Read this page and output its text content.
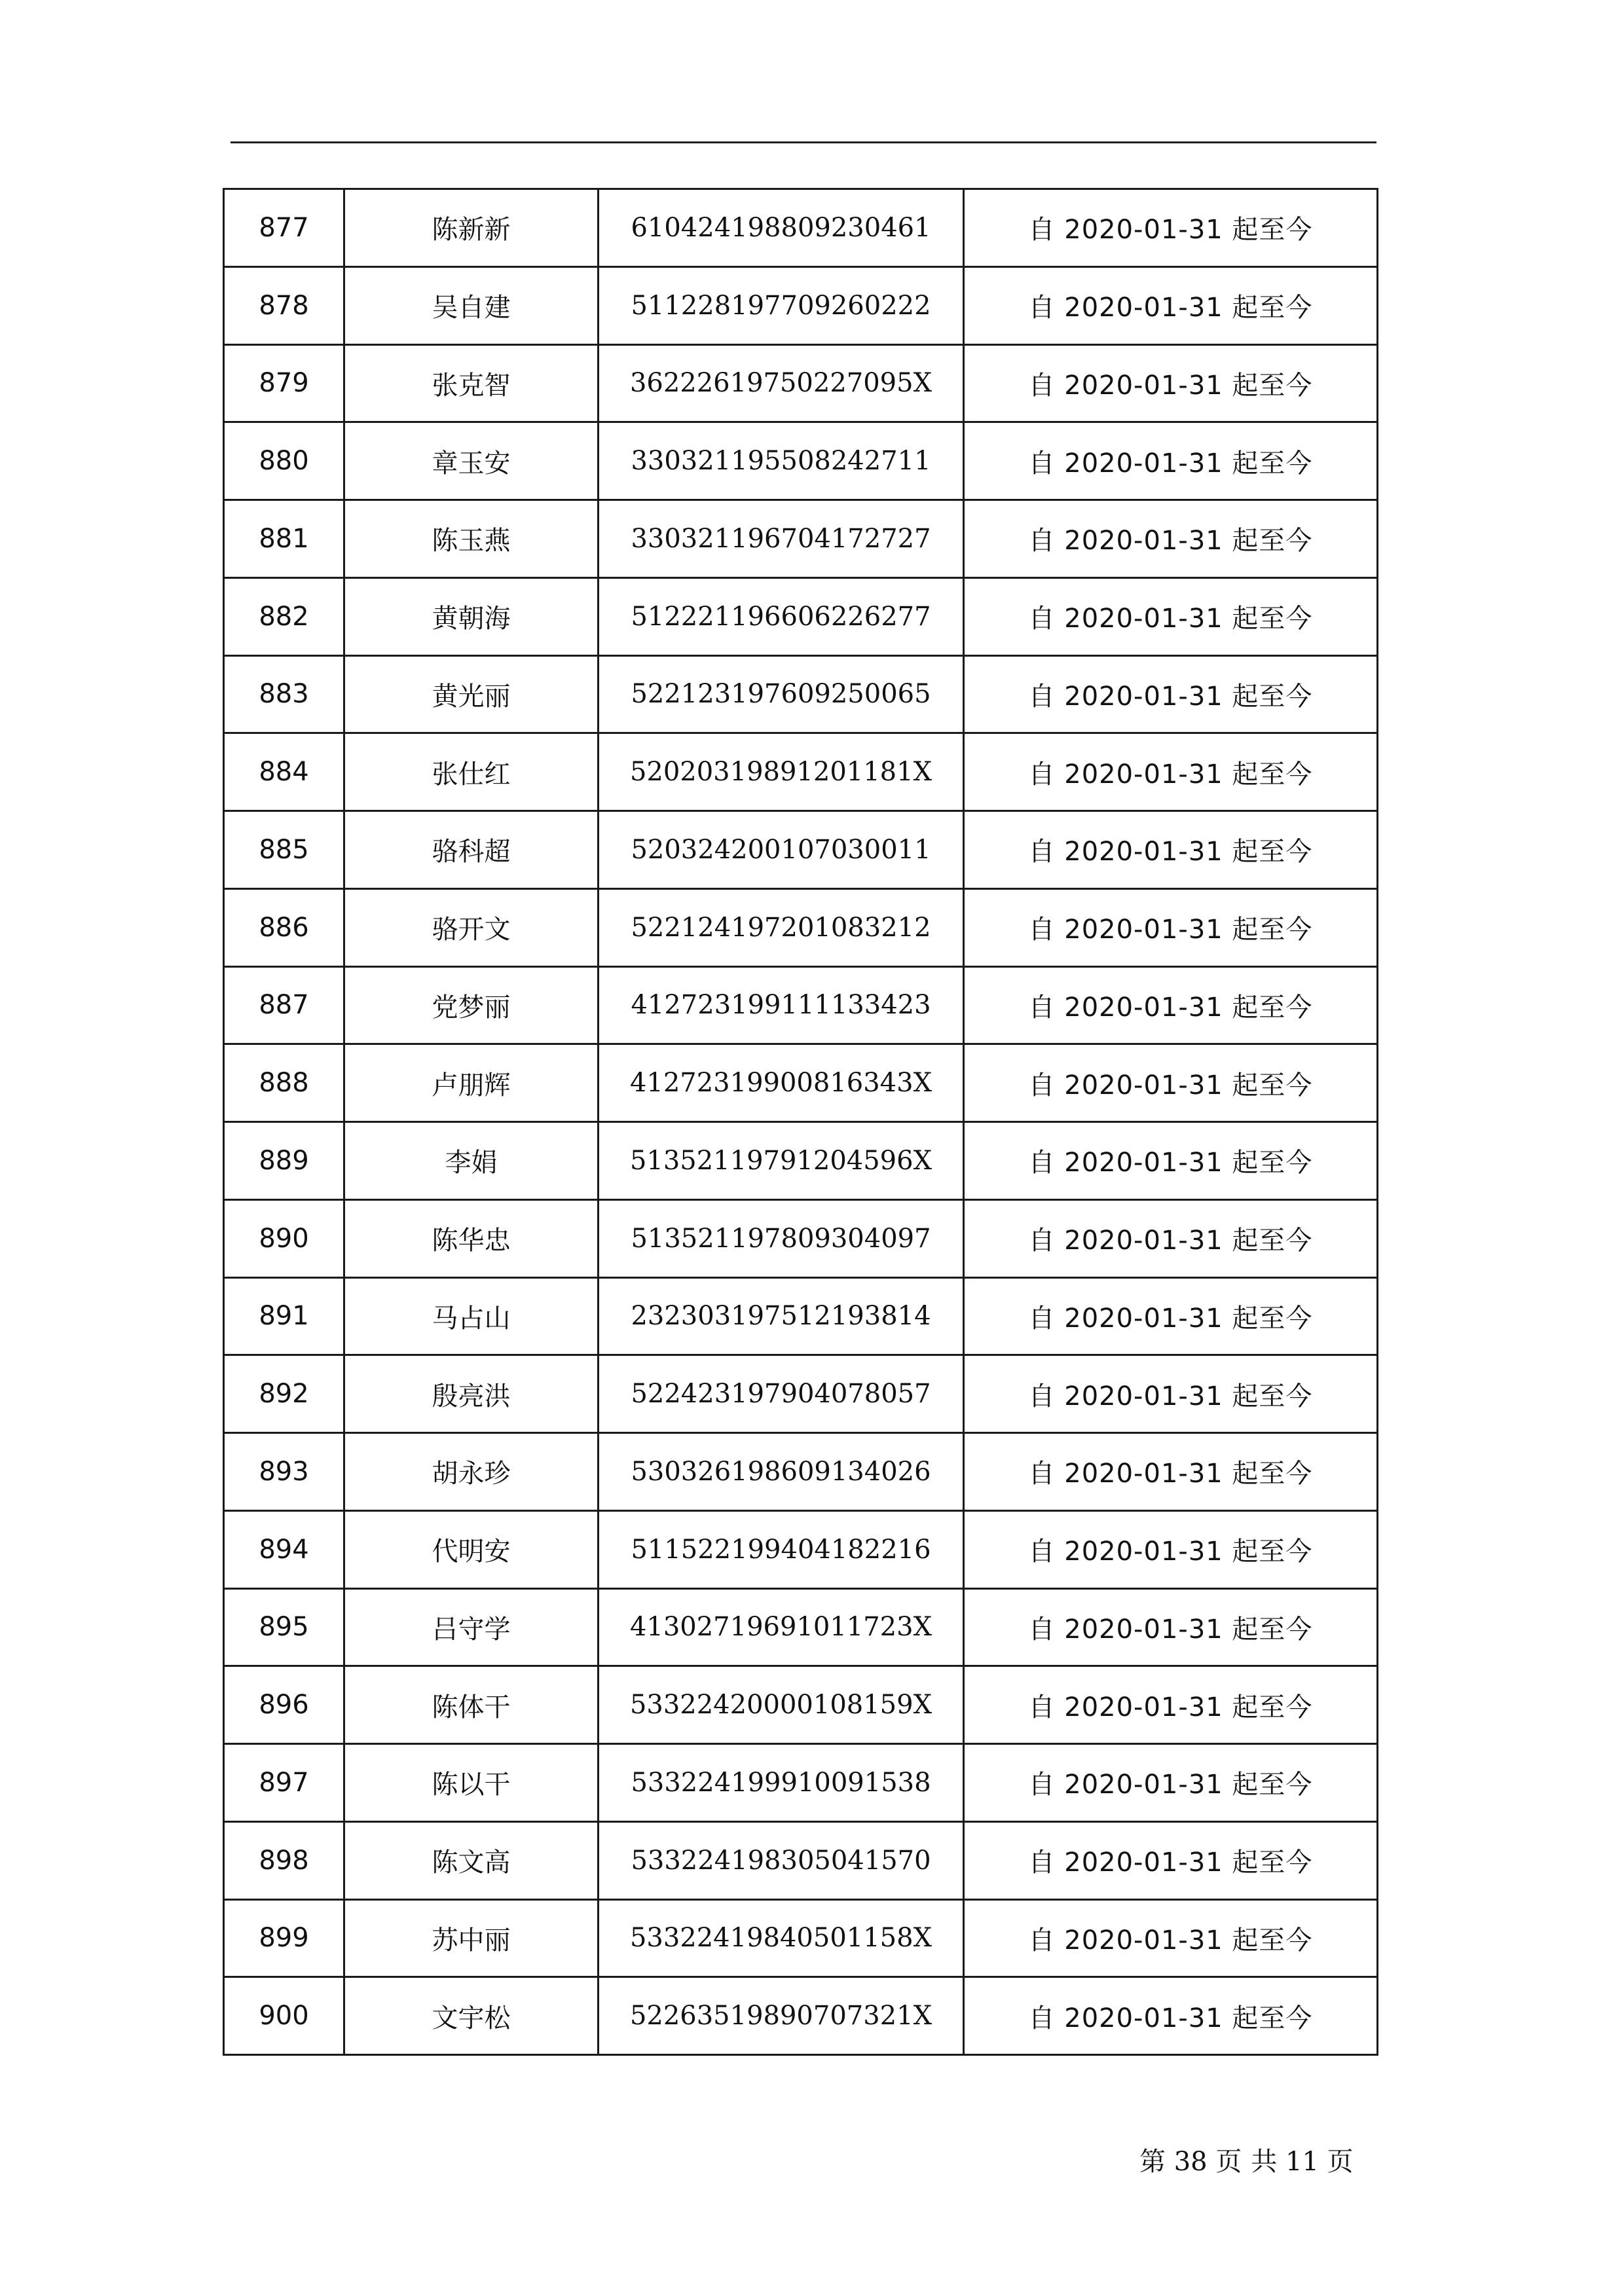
877	陈新新	610424198809230461	自 2020-01-31 起至今
878	吴自建	511228197709260222	自 2020-01-31 起至今
879	张克智	36222619750227095X	自 2020-01-31 起至今
880	章玉安	330321195508242711	自 2020-01-31 起至今
881	陈玉燕	330321196704172727	自 2020-01-31 起至今
882	黄朝海	512221196606226277	自 2020-01-31 起至今
883	黄光丽	522123197609250065	自 2020-01-31 起至今
884	张仕红	52020319891201181X	自 2020-01-31 起至今
885	骆科超	520324200107030011	自 2020-01-31 起至今
886	骆开文	522124197201083212	自 2020-01-31 起至今
887	党梦丽	412723199111133423	自 2020-01-31 起至今
888	卢朋辉	41272319900816343X	自 2020-01-31 起至今
889	李娟	51352119791204596X	自 2020-01-31 起至今
890	陈华忠	513521197809304097	自 2020-01-31 起至今
891	马占山	232303197512193814	自 2020-01-31 起至今
892	殷亮洪	522423197904078057	自 2020-01-31 起至今
893	胡永珍	530326198609134026	自 2020-01-31 起至今
894	代明安	511522199404182216	自 2020-01-31 起至今
895	吕守学	41302719691011723X	自 2020-01-31 起至今
896	陈体干	53322420000108159X	自 2020-01-31 起至今
897	陈以干	533224199910091538	自 2020-01-31 起至今
898	陈文高	533224198305041570	自 2020-01-31 起至今
899	苏中丽	53322419840501158X	自 2020-01-31 起至今
900	文宇松	52263519890707321X	自 2020-01-31 起至今
第 38 页 共 11 页
